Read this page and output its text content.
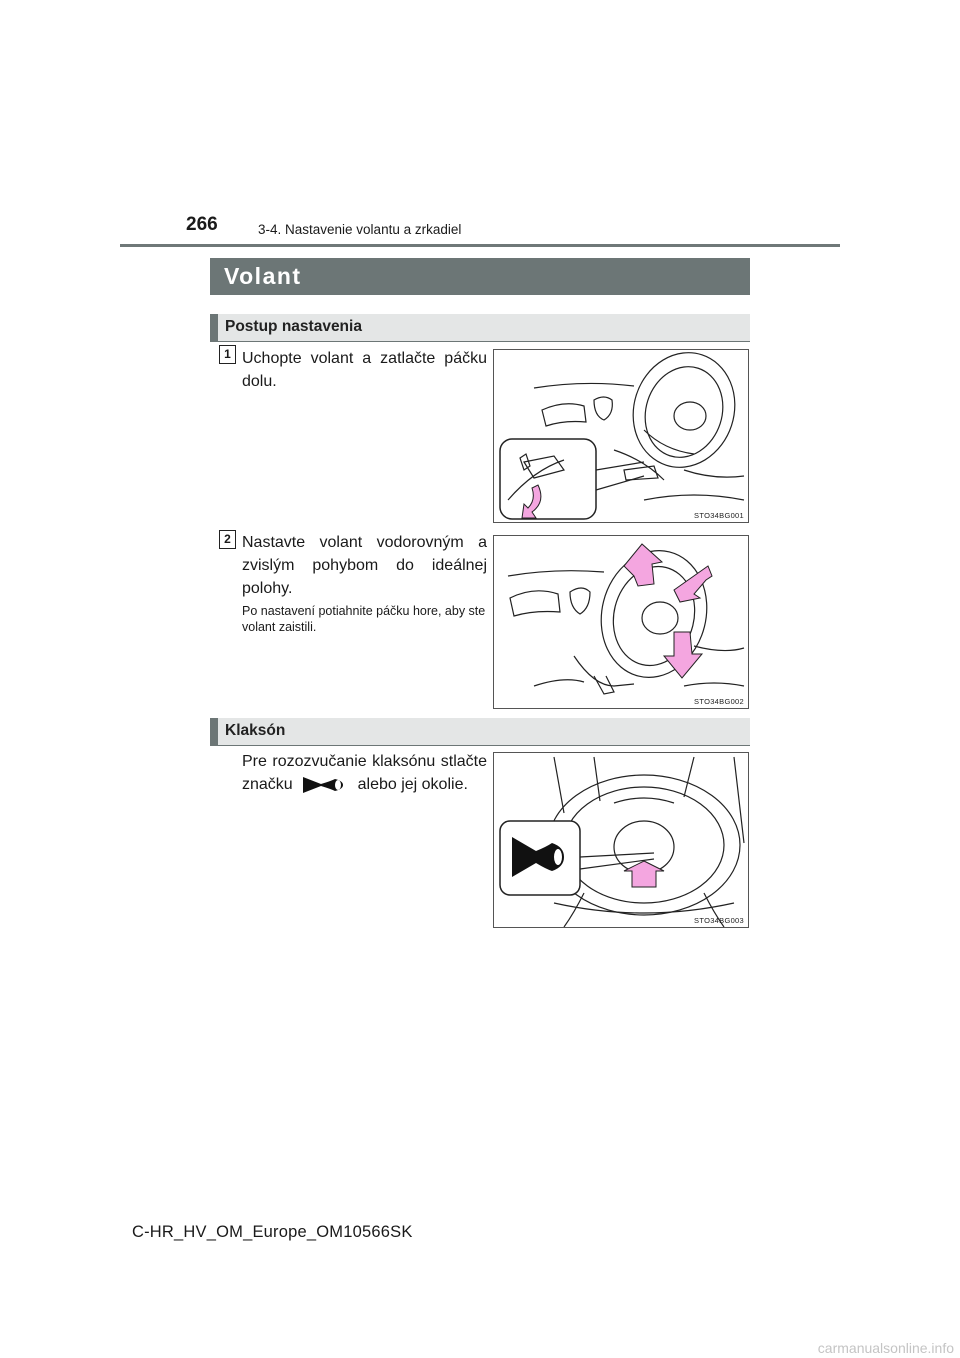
266	3-4. Nastavenie volantu a zrkadiel
Volant
Postup nastavenia
1 Uchopte volant a zatlačte páčku dolu.
STO34BG001
2 Nastavte volant vodorovným a zvislým pohybom do ideálnej polohy.
Po nastavení potiahnite páčku hore, aby ste volant zaistili.
STO34BG002
Klaksón
Pre rozozvučanie klaksónu stlačte značku	alebo jej okolie.
STO34BG003
C-HR_HV_OM_Europe_OM10566SK
carmanualsonline.info
